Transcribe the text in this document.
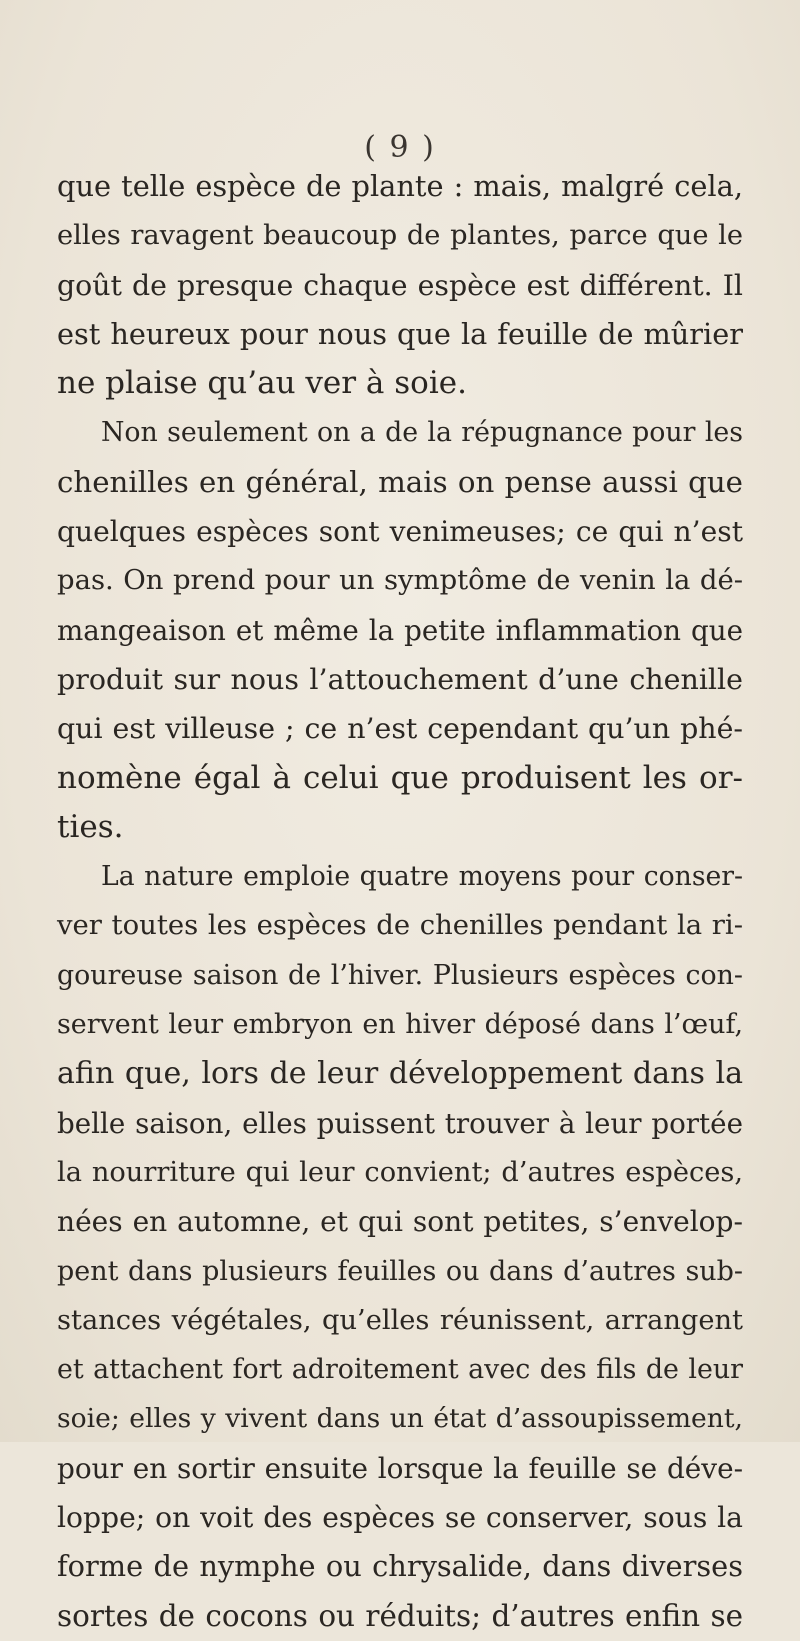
( 9 )
que telle espèce de plante : mais, malgré cela,
elles ravagent beaucoup de plantes, parce que le
goût de presque chaque espèce est différent. Il
est heureux pour nous que la feuille de mûrier
ne plaise qu’au ver à soie.
Non seulement on a de la répugnance pour les
chenilles en général, mais on pense aussi que
quelques espèces sont venimeuses; ce qui n’est
pas. On prend pour un symptôme de venin la dé-
mangeaison et même la petite inflammation que
produit sur nous l’attouchement d’une chenille
qui est villeuse ; ce n’est cependant qu’un phé-
nomène égal à celui que produisent les or-
ties.
La nature emploie quatre moyens pour conser-
ver toutes les espèces de chenilles pendant la ri-
goureuse saison de l’hiver. Plusieurs espèces con-
servent leur embryon en hiver déposé dans l’œuf,
afin que, lors de leur développement dans la
belle saison, elles puissent trouver à leur portée
la nourriture qui leur convient; d’autres espèces,
nées en automne, et qui sont petites, s’envelop-
pent dans plusieurs feuilles ou dans d’autres sub-
stances végétales, qu’elles réunissent, arrangent
et attachent fort adroitement avec des fils de leur
soie; elles y vivent dans un état d’assoupissement,
pour en sortir ensuite lorsque la feuille se déve-
loppe; on voit des espèces se conserver, sous la
forme de nymphe ou chrysalide, dans diverses
sortes de cocons ou réduits; d’autres enfin se
